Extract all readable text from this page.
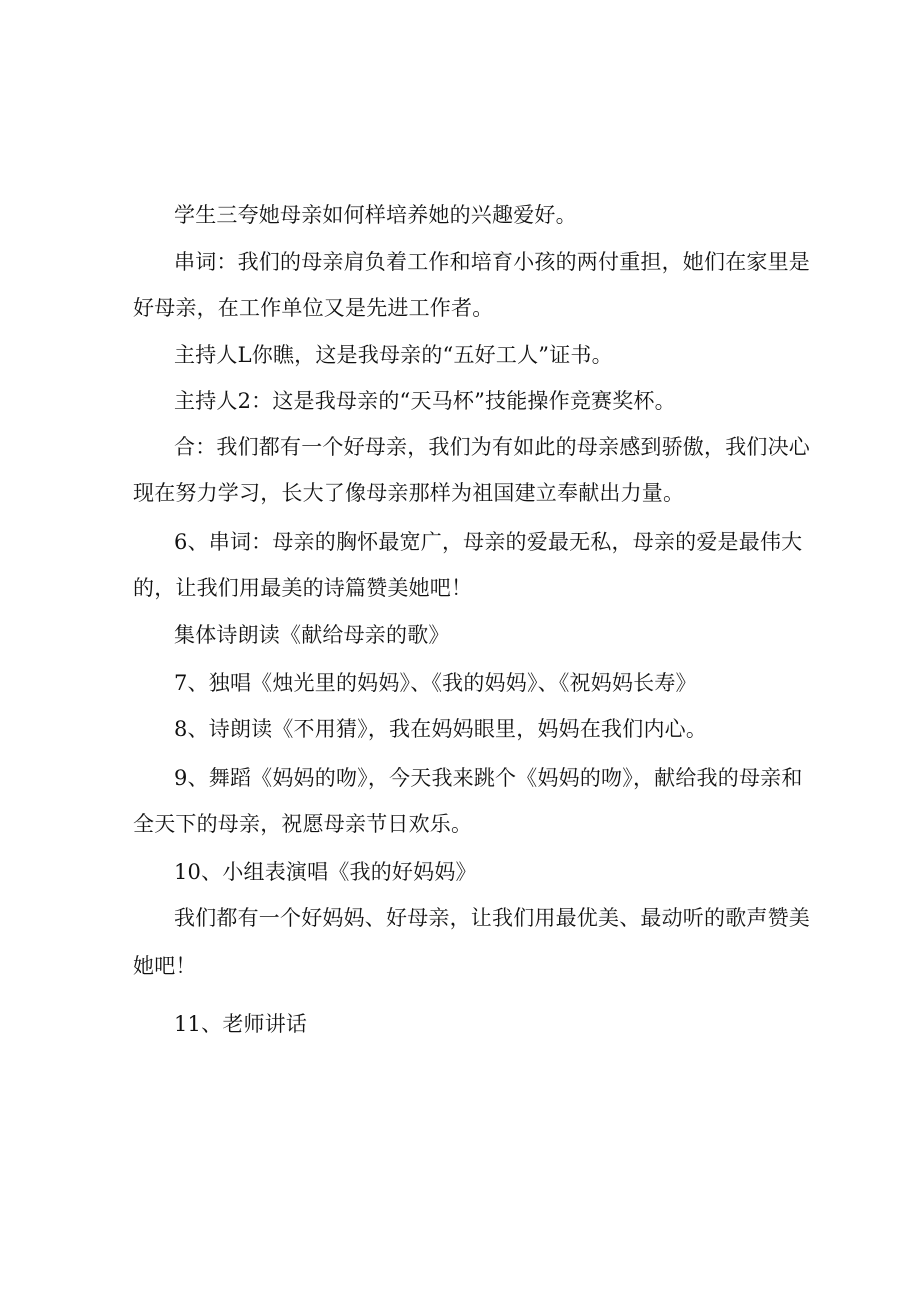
学生三夸她母亲如何样培养她的兴趣爱好。
串词：我们的母亲肩负着工作和培育小孩的两付重担，她们在家里是
好母亲，在工作单位又是先进工作者。
主持人L你瞧，这是我母亲的“五好工人”证书。
主持人2：这是我母亲的“天马杯”技能操作竞赛奖杯。
合：我们都有一个好母亲，我们为有如此的母亲感到骄傲，我们决心
现在努力学习，长大了像母亲那样为祖国建立奉献出力量。
6、串词：母亲的胸怀最宽广，母亲的爱最无私，母亲的爱是最伟大
的，让我们用最美的诗篇赞美她吧！
集体诗朗读《献给母亲的歌》
7、独唱《烛光里的妈妈》、《我的妈妈》、《祝妈妈长寿》
8、诗朗读《不用猜》，我在妈妈眼里，妈妈在我们内心。
9、舞蹈《妈妈的吻》，今天我来跳个《妈妈的吻》，献给我的母亲和
全天下的母亲，祝愿母亲节日欢乐。
10、小组表演唱《我的好妈妈》
我们都有一个好妈妈、好母亲，让我们用最优美、最动听的歌声赞美
她吧！
11、老师讲话
